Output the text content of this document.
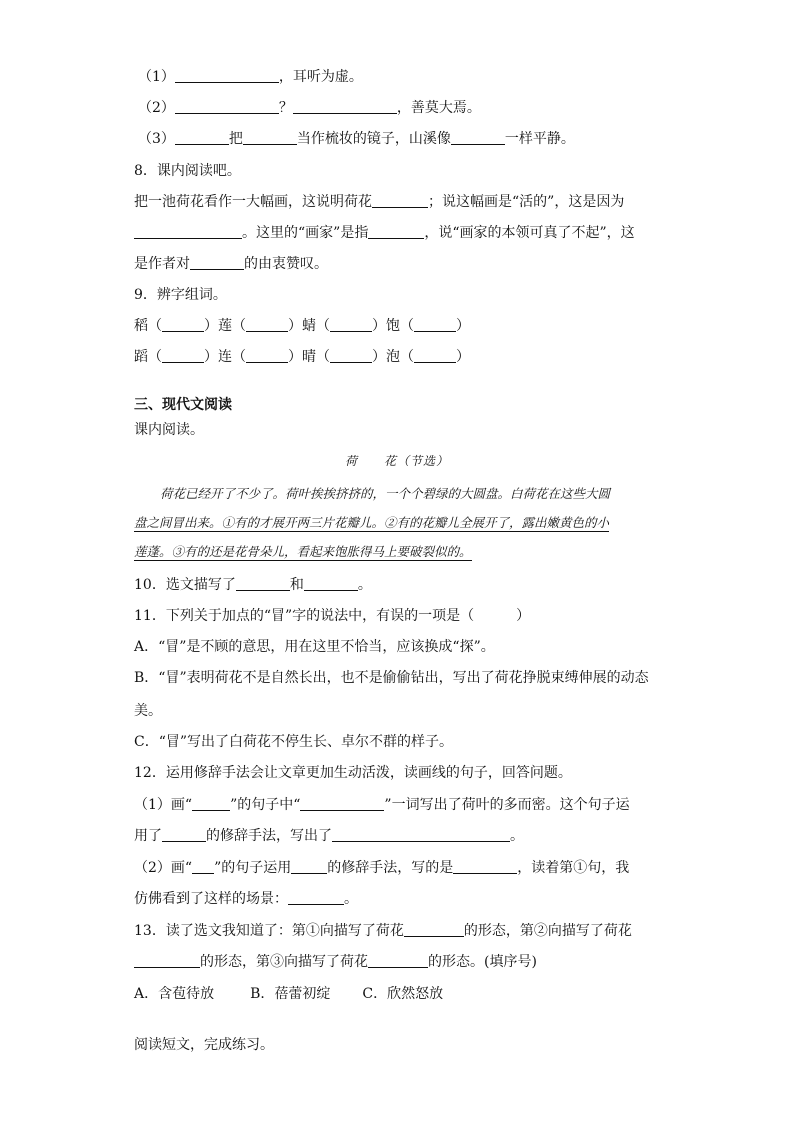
（1）	，耳听为虚。
（2）	？	，善莫大焉。
（3）	把	当作梳妆的镜子，山溪像	一样平静。
8．课内阅读吧。
把一池荷花看作一大幅画，这说明荷花	；说这幅画是“活的”，这是因为
。这里的“画家”是指	，说“画家的本领可真了不起”，这
是作者对	的由衷赞叹。
9．辨字组词。
稻（	）莲（	）蜻（	）饱（	）
蹈（	）连（	）晴（	）泡（	）
三、现代文阅读
课内阅读。
荷　　花（节选）
荷花已经开了不少了。荷叶挨挨挤挤的，一个个碧绿的大圆盘。白荷花在这些大圆
盘之间冒出来。①有的才展开两三片花瓣儿。②有的花瓣儿全展开了，露出嫩黄色的小
莲蓬。③有的还是花骨朵儿，看起来饱胀得马上要破裂似的。
10．选文描写了	和	。
11．下列关于加点的“冒”字的说法中，有误的一项是（　　　）
A．“冒”是不顾的意思，用在这里不恰当，应该换成“探”。
B．“冒”表明荷花不是自然长出，也不是偷偷钻出，写出了荷花挣脱束缚伸展的动态
美。
C．“冒”写出了白荷花不停生长、卓尔不群的样子。
12．运用修辞手法会让文章更加生动活泼，读画线的句子，回答问题。
（1）画“	”的句子中“	”一词写出了荷叶的多而密。这个句子运
用了	的修辞手法，写出了	。
（2）画“ ”的句子运用	的修辞手法，写的是	，读着第①句，我
仿佛看到了这样的场景：	。
13．读了选文我知道了：第①向描写了荷花	的形态，第②向描写了荷花
的形态，第③向描写了荷花	的形态。(填序号)
A．含苞待放	B．蓓蕾初绽 C．欣然怒放
阅读短文，完成练习。
